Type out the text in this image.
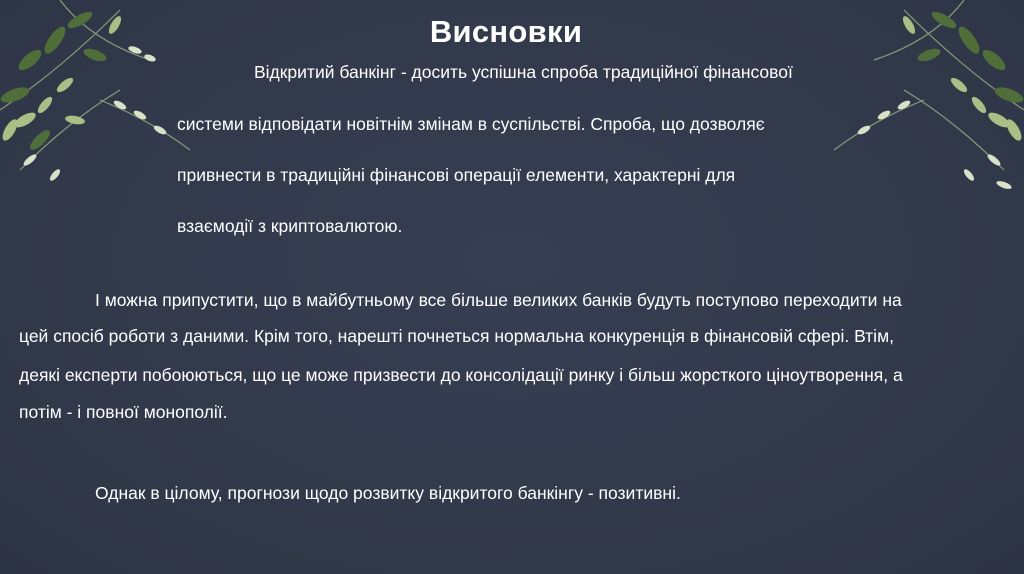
Висновки
Відкритий банкінг - досить успішна спроба традиційної фінансової
системи відповідати новітнім змінам в суспільстві. Спроба, що дозволяє
привнести в традиційні фінансові операції елементи, характерні для
взаємодії з криптовалютою.
І можна припустити, що в майбутньому все більше великих банків будуть поступово переходити на
цей спосіб роботи з даними. Крім того, нарешті почнеться нормальна конкуренція в фінансовій сфері. Втім,
деякі експерти побоюються, що це може призвести до консолідації ринку і більш жорсткого ціноутворення, а
потім - і повної монополії.
Однак в цілому, прогнози щодо розвитку відкритого банкінгу - позитивні.
